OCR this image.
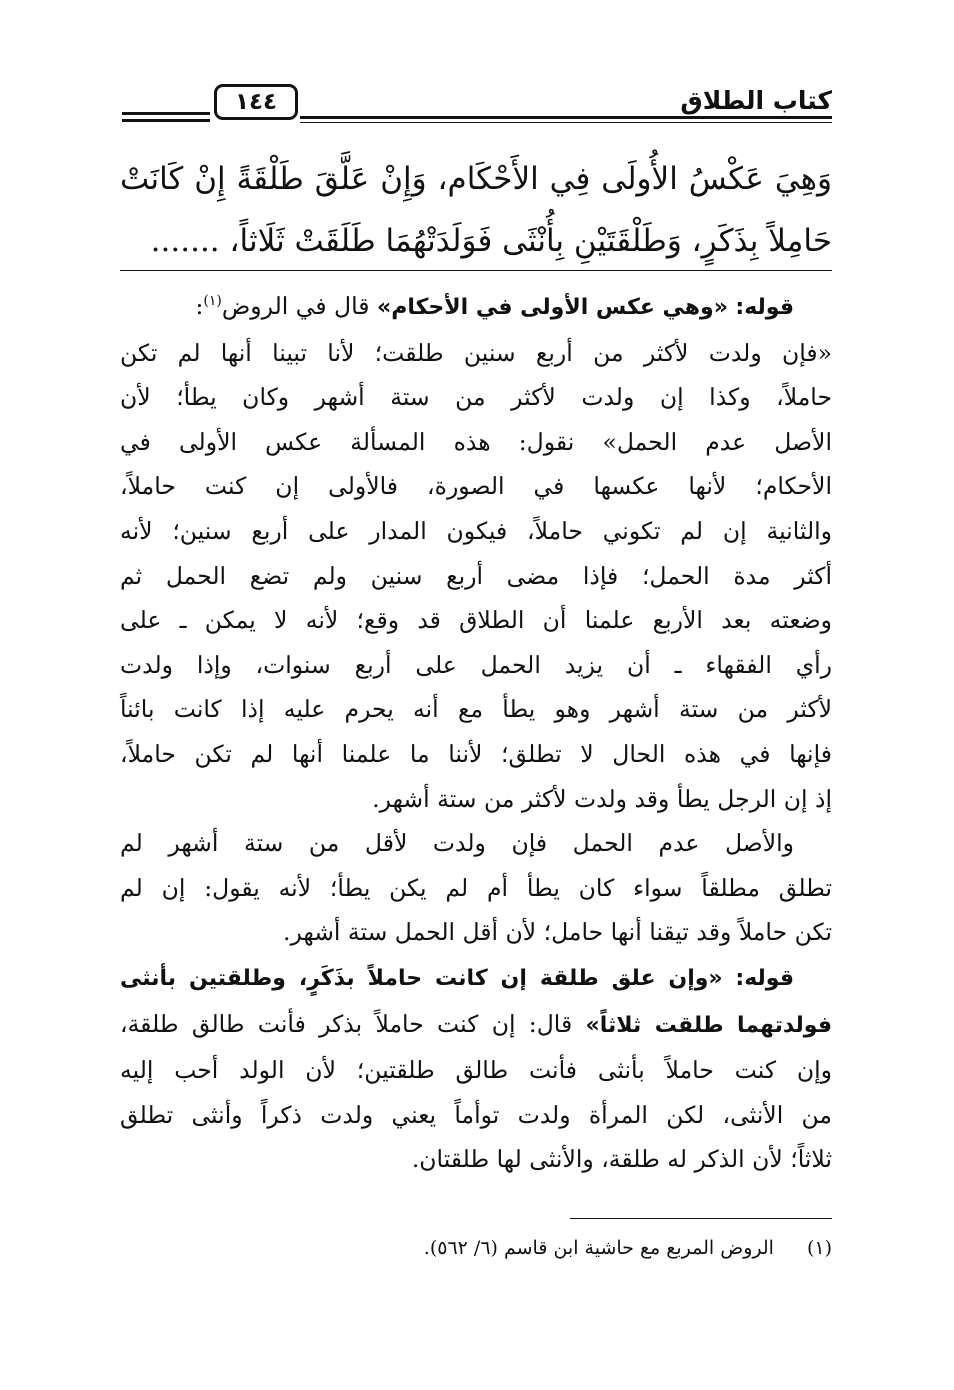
كتاب الطلاق
١٤٤
وَهِيَ عَكْسُ الأُولَى فِي الأَحْكَام، وَإِنْ عَلَّقَ طَلْقَةً إِنْ كَانَتْ
حَامِلاً بِذَكَرٍ، وَطَلْقَتَيْنِ بِأُنْثَى فَوَلَدَتْهُمَا طَلَقَتْ ثَلَاثاً، .......
قوله: «وهي عكس الأولى في الأحكام» قال في الروض$^{(١)}$:
«فإن ولدت لأكثر من أربع سنين طلقت؛ لأنا تبينا أنها لم تكن
حاملاً، وكذا إن ولدت لأكثر من ستة أشهر وكان يطأ؛ لأن
الأصل عدم الحمل» نقول: هذه المسألة عكس الأولى في
الأحكام؛ لأنها عكسها في الصورة، فالأولى إن كنت حاملاً،
والثانية إن لم تكوني حاملاً، فيكون المدار على أربع سنين؛ لأنه
أكثر مدة الحمل؛ فإذا مضى أربع سنين ولم تضع الحمل ثم
وضعته بعد الأربع علمنا أن الطلاق قد وقع؛ لأنه لا يمكن ـ على
رأي الفقهاء ـ أن يزيد الحمل على أربع سنوات، وإذا ولدت
لأكثر من ستة أشهر وهو يطأ مع أنه يحرم عليه إذا كانت بائناً
فإنها في هذه الحال لا تطلق؛ لأننا ما علمنا أنها لم تكن حاملاً،
إذ إن الرجل يطأ وقد ولدت لأكثر من ستة أشهر.
والأصل عدم الحمل فإن ولدت لأقل من ستة أشهر لم
تطلق مطلقاً سواء كان يطأ أم لم يكن يطأ؛ لأنه يقول: إن لم
تكن حاملاً وقد تيقنا أنها حامل؛ لأن أقل الحمل ستة أشهر.
قوله: «وإن علق طلقة إن كانت حاملاً بذَكَرٍ، وطلقتين بأنثى
فولدتهما طلقت ثلاثاً» قال: إن كنت حاملاً بذكر فأنت طالق طلقة،
وإن كنت حاملاً بأنثى فأنت طالق طلقتين؛ لأن الولد أحب إليه
من الأنثى، لكن المرأة ولدت توأماً يعني ولدت ذكراً وأنثى تطلق
ثلاثاً؛ لأن الذكر له طلقة، والأنثى لها طلقتان.
(١) الروض المربع مع حاشية ابن قاسم (٦/ ٥٦٢).
